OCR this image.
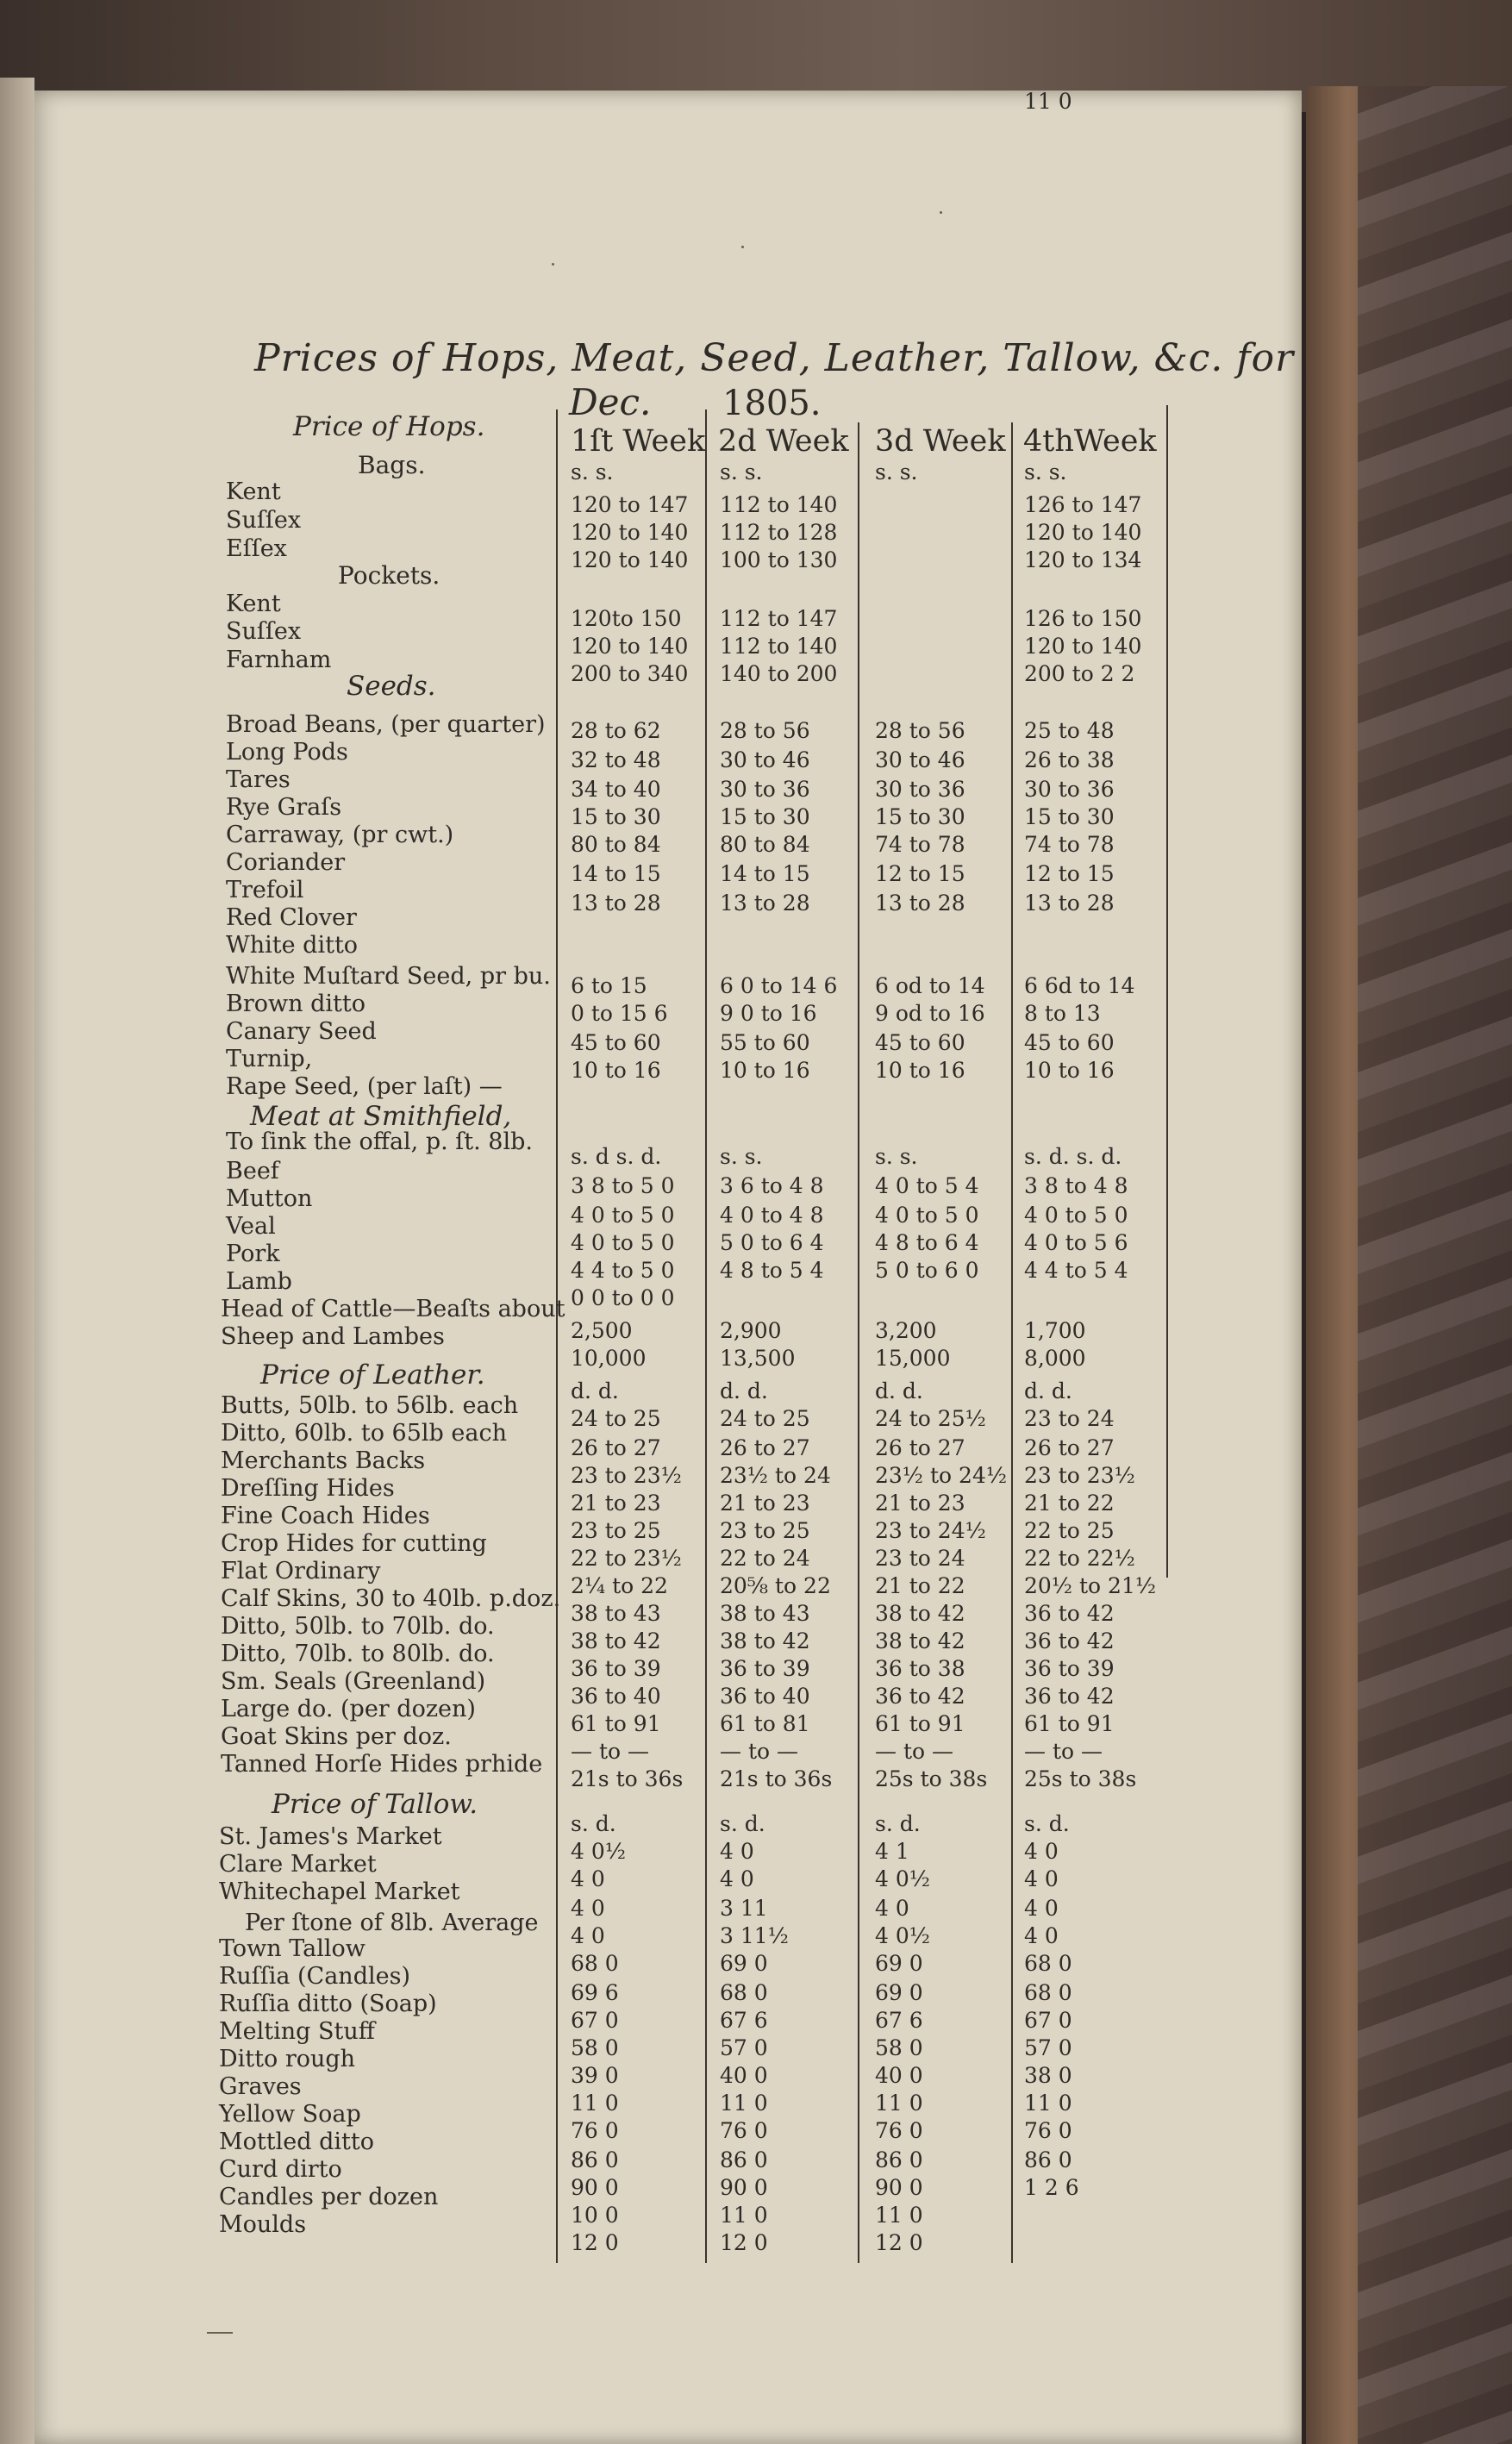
Prices of Hops, Meat, Seed, Leather, Tallow, &c. for
Dec. 1805.
1ſt Week 2d Week 3d Week 4thWeek
Price of Hops.
Bags.
Pockets.
Seeds.
Meat at Smithfield,
Price of Leather.
Price of Tallow.
Per ſtone of 8lb. Average
Kent
Suſſex
Eſſex
Kent
Suſſex
Farnham
Broad Beans, (per quarter)
Long Pods
Tares
Rye Graſs
Carraway, (pr cwt.)
Coriander
Trefoil
Red Clover
White ditto
White Muſtard Seed, pr bu.
Brown ditto
Canary Seed
Turnip,
Rape Seed, (per laſt) —
To ſink the offal, p. ſt. 8lb.
Beef
Mutton
Veal
Pork
Lamb
Head of Cattle—Beaſts about
Sheep and Lambes
Butts, 50lb. to 56lb. each
Ditto, 60lb. to 65lb each
Merchants Backs
Dreſſing Hides
Fine Coach Hides
Crop Hides for cutting
Flat Ordinary
Calf Skins, 30 to 40lb. p.doz.
Ditto, 50lb. to 70lb. do.
Ditto, 70lb. to 80lb. do.
Sm. Seals (Greenland)
Large do. (per dozen)
Goat Skins per doz.
Tanned Horſe Hides prhide
St. James's Market
Clare Market
Whitechapel Market
Town Tallow
Ruſſia (Candles)
Ruſſia ditto (Soap)
Melting Stuff
Ditto rough
Graves
Yellow Soap
Mottled ditto
Curd dirto
Candles per dozen
Moulds
s. s.
120 to 147
120 to 140
120 to 140
120to 150
120 to 140
200 to 340
28 to 62
32 to 48
34 to 40
15 to 30
80 to 84
14 to 15
13 to 28
6 to 15
0 to 15 6
45 to 60
10 to 16
s. d s. d.
3 8 to 5 0
4 0 to 5 0
4 0 to 5 0
4 4 to 5 0
0 0 to 0 0
2,500
10,000
d. d.
24 to 25
26 to 27
23 to 23½
21 to 23
23 to 25
22 to 23½
2¼ to 22
38 to 43
38 to 42
36 to 39
36 to 40
61 to 91
— to —
21s to 36s
s. d.
4 0½
4 0
4 0
4 0
68 0
69 6
67 0
58 0
39 0
11 0
76 0
86 0
90 0
10 0
12 0
s. s.
112 to 140
112 to 128
100 to 130
112 to 147
112 to 140
140 to 200
28 to 56
30 to 46
30 to 36
15 to 30
80 to 84
14 to 15
13 to 28
6 0 to 14 6
9 0 to 16
55 to 60
10 to 16
s. s.
3 6 to 4 8
4 0 to 4 8
5 0 to 6 4
4 8 to 5 4
2,900
13,500
d. d.
24 to 25
26 to 27
23½ to 24
21 to 23
23 to 25
22 to 24
20⅝ to 22
38 to 43
38 to 42
36 to 39
36 to 40
61 to 81
— to —
21s to 36s
s. d.
4 0
4 0
3 11
3 11½
69 0
68 0
67 6
57 0
40 0
11 0
76 0
86 0
90 0
11 0
12 0
s. s.
28 to 56
30 to 46
30 to 36
15 to 30
74 to 78
12 to 15
13 to 28
6 od to 14
9 od to 16
45 to 60
10 to 16
s. s.
4 0 to 5 4
4 0 to 5 0
4 8 to 6 4
5 0 to 6 0
3,200
15,000
d. d.
24 to 25½
26 to 27
23½ to 24½
21 to 23
23 to 24½
23 to 24
21 to 22
38 to 42
38 to 42
36 to 38
36 to 42
61 to 91
— to —
25s to 38s
s. d.
4 1
4 0½
4 0
4 0½
69 0
69 0
67 6
58 0
40 0
11 0
76 0
86 0
90 0
11 0
12 0
s. s.
126 to 147
120 to 140
120 to 134
126 to 150
120 to 140
200 to 2 2
25 to 48
26 to 38
30 to 36
15 to 30
74 to 78
12 to 15
13 to 28
6 6d to 14
8 to 13
45 to 60
10 to 16
s. d. s. d.
3 8 to 4 8
4 0 to 5 0
4 0 to 5 6
4 4 to 5 4
1,700
8,000
d. d.
23 to 24
26 to 27
23 to 23½
21 to 22
22 to 25
22 to 22½
20½ to 21½
36 to 42
36 to 42
36 to 39
36 to 42
61 to 91
— to —
25s to 38s
s. d.
4 0
4 0
4 0
4 0
68 0
68 0
67 0
57 0
38 0
11 0
76 0
86 0
1 2 6
11 0
